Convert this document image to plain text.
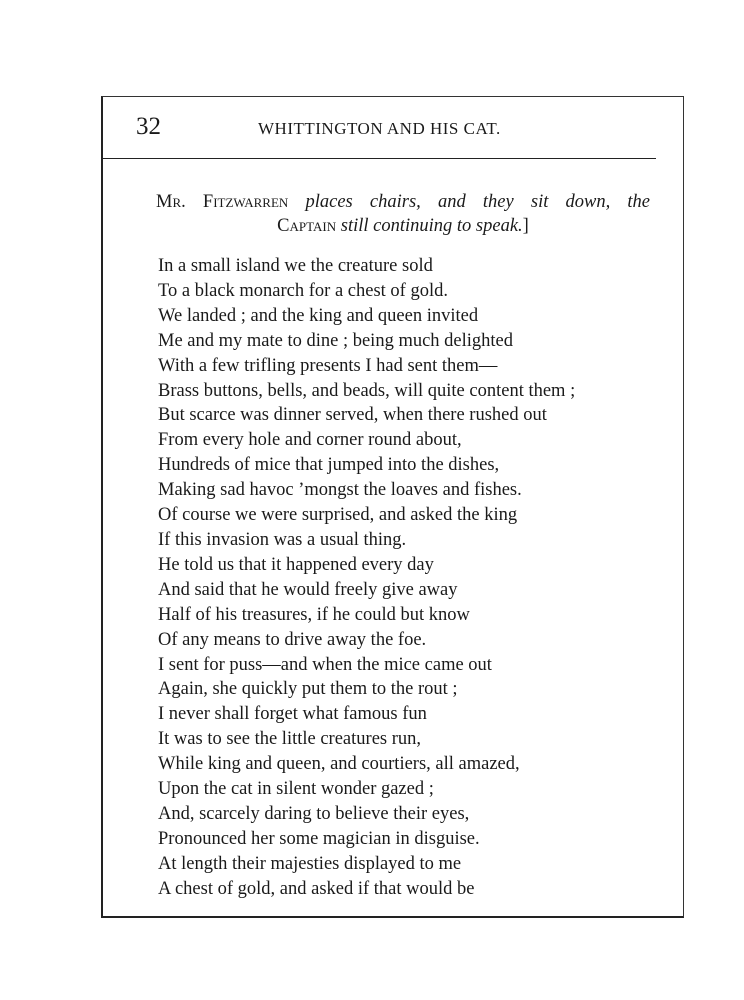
32	WHITTINGTON AND HIS CAT.
Mr. Fitzwarren places chairs, and they sit down, the
Captain still continuing to speak.]
In a small island we the creature sold
To a black monarch for a chest of gold.
We landed ; and the king and queen invited
Me and my mate to dine ; being much delighted
With a few trifling presents I had sent them—
Brass buttons, bells, and beads, will quite content them ;
But scarce was dinner served, when there rushed out
From every hole and corner round about,
Hundreds of mice that jumped into the dishes,
Making sad havoc ’mongst the loaves and fishes.
Of course we were surprised, and asked the king
If this invasion was a usual thing.
He told us that it happened every day
And said that he would freely give away
Half of his treasures, if he could but know
Of any means to drive away the foe.
I sent for puss—and when the mice came out
Again, she quickly put them to the rout ;
I never shall forget what famous fun
It was to see the little creatures run,
While king and queen, and courtiers, all amazed,
Upon the cat in silent wonder gazed ;
And, scarcely daring to believe their eyes,
Pronounced her some magician in disguise.
At length their majesties displayed to me
A chest of gold, and asked if that would be
